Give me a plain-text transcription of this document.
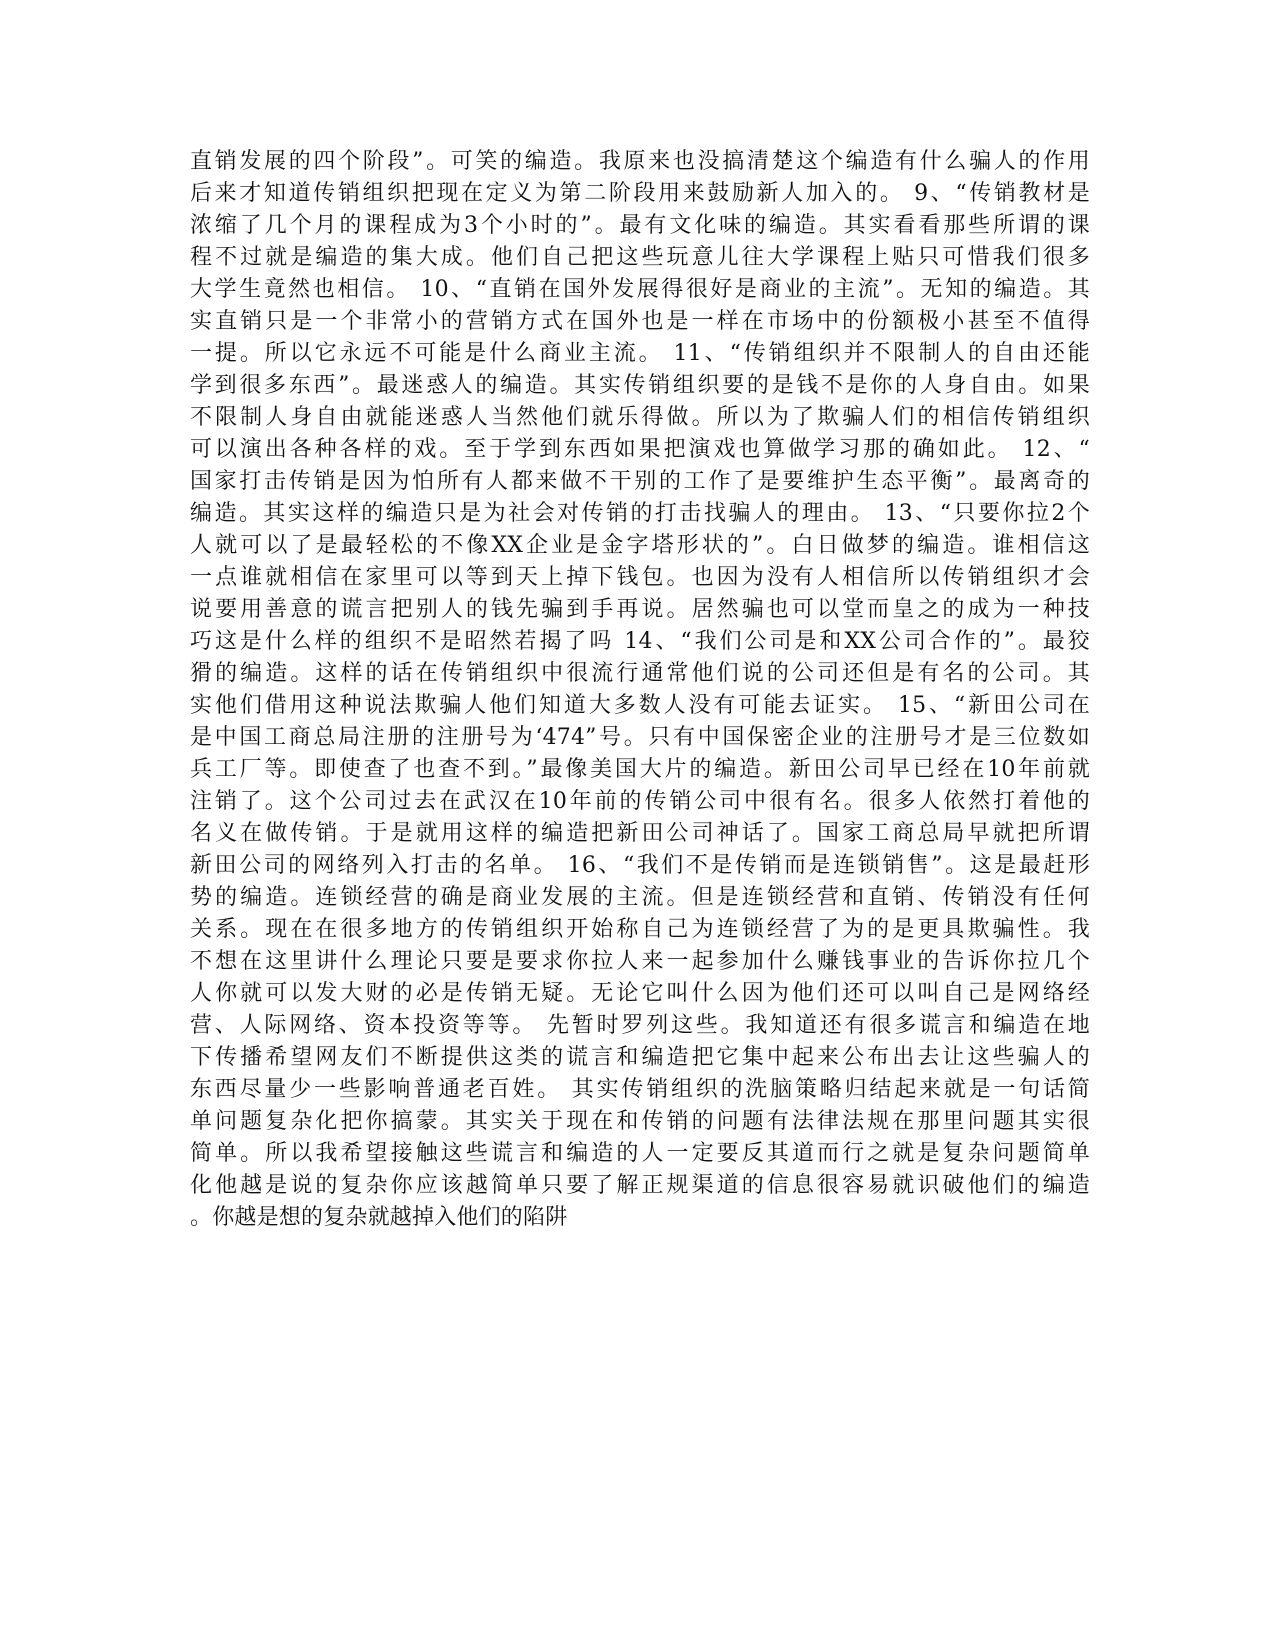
直销发展的四个阶段”。可笑的编造。我原来也没搞清楚这个编造有什么骗人的作用
后来才知道传销组织把现在定义为第二阶段用来鼓励新人加入的。 9、“传销教材是
浓缩了几个月的课程成为3个小时的”。最有文化味的编造。其实看看那些所谓的课
程不过就是编造的集大成。他们自己把这些玩意儿往大学课程上贴只可惜我们很多
大学生竟然也相信。 10、“直销在国外发展得很好是商业的主流”。无知的编造。其
实直销只是一个非常小的营销方式在国外也是一样在市场中的份额极小甚至不值得
一提。所以它永远不可能是什么商业主流。 11、“传销组织并不限制人的自由还能
学到很多东西”。最迷惑人的编造。其实传销组织要的是钱不是你的人身自由。如果
不限制人身自由就能迷惑人当然他们就乐得做。所以为了欺骗人们的相信传销组织
可以演出各种各样的戏。至于学到东西如果把演戏也算做学习那的确如此。 12、“
国家打击传销是因为怕所有人都来做不干别的工作了是要维护生态平衡”。最离奇的
编造。其实这样的编造只是为社会对传销的打击找骗人的理由。 13、“只要你拉2个
人就可以了是最轻松的不像XX企业是金字塔形状的”。白日做梦的编造。谁相信这
一点谁就相信在家里可以等到天上掉下钱包。也因为没有人相信所以传销组织才会
说要用善意的谎言把别人的钱先骗到手再说。居然骗也可以堂而皇之的成为一种技
巧这是什么样的组织不是昭然若揭了吗 14、“我们公司是和XX公司合作的”。最狡
猾的编造。这样的话在传销组织中很流行通常他们说的公司还但是有名的公司。其
实他们借用这种说法欺骗人他们知道大多数人没有可能去证实。 15、“新田公司在
是中国工商总局注册的注册号为‘474”号。只有中国保密企业的注册号才是三位数如
兵工厂等。即使查了也查不到。”最像美国大片的编造。新田公司早已经在10年前就
注销了。这个公司过去在武汉在10年前的传销公司中很有名。很多人依然打着他的
名义在做传销。于是就用这样的编造把新田公司神话了。国家工商总局早就把所谓
新田公司的网络列入打击的名单。 16、“我们不是传销而是连锁销售”。这是最赶形
势的编造。连锁经营的确是商业发展的主流。但是连锁经营和直销、传销没有任何
关系。现在在很多地方的传销组织开始称自己为连锁经营了为的是更具欺骗性。我
不想在这里讲什么理论只要是要求你拉人来一起参加什么赚钱事业的告诉你拉几个
人你就可以发大财的必是传销无疑。无论它叫什么因为他们还可以叫自己是网络经
营、人际网络、资本投资等等。 先暂时罗列这些。我知道还有很多谎言和编造在地
下传播希望网友们不断提供这类的谎言和编造把它集中起来公布出去让这些骗人的
东西尽量少一些影响普通老百姓。 其实传销组织的洗脑策略归结起来就是一句话简
单问题复杂化把你搞蒙。其实关于现在和传销的问题有法律法规在那里问题其实很
简单。所以我希望接触这些谎言和编造的人一定要反其道而行之就是复杂问题简单
化他越是说的复杂你应该越简单只要了解正规渠道的信息很容易就识破他们的编造
。你越是想的复杂就越掉入他们的陷阱
